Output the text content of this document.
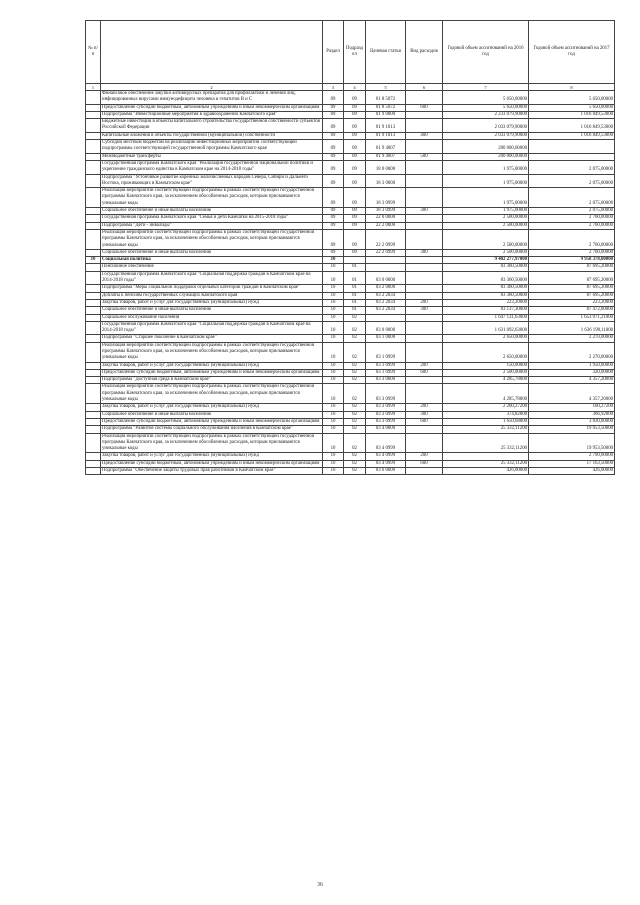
№ п/п		Раздел	Подраздел	Целевая статья	Вид расходов	Годовой объем ассигнований на 2016 год	Годовой объем ассигнований на 2017 год
1	2	3	4	5	6	7	8
	Финансовое обеспечение закупки антивирусных препаратов для профилактики и лечения лиц, инфицированных вирусами иммунодефицита человека и гепатитов В и С	09	09	01 8 5072		5 650,00000	5 650,00000
	Предоставление субсидий бюджетным, автономным учреждениям и иным некоммерческим организациям	09	09	01 8 5072	600	5 650,00000	5 650,00000
	Подпрограмма "Инвестиционные мероприятия в здравоохранении Камчатского края"	09	09	01 9 0000		2 233 079,90000	1 016 849,53000
	Бюджетные инвестиции в объекты капитального строительства государственной собственности субъектов Российской Федерации	09	09	01 9 1013		2 033 079,90000	1 016 849,53000
	Капитальные вложения в объекты государственной (муниципальной) собственности	09	09	01 9 1013	400	2 033 079,90000	1 016 849,53000
	Субсидии местным бюджетам на реализацию инвестиционных мероприятий соответствующей подпрограммы соответствующей государственной программы Камчатского края	09	09	01 9 4007		200 000,00000	
	Межбюджетные трансферты	09	09	01 9 4007	500	200 000,00000	
	Государственная программа Камчатского края "Реализация государственной национальной политики и укрепление гражданского единства в Камчатском крае на 2014-2018 годы"	09	09	18 0 0000		1 975,00000	2 075,00000
	Подпрограмма "Устойчивое развитие коренных малочисленных народов Севера, Сибири и Дальнего Востока, проживающих в Камчатском крае"	09	09	18 3 0000		1 975,00000	2 075,00000
	Реализация мероприятий соответствующей подпрограммы в рамках соответствующей государственной программы Камчатского края, за исключением обособленных расходов, которым присваиваются уникальные коды	09	09	18 3 0999		1 975,00000	2 075,00000
	Социальное обеспечение и иные выплаты населению	09	09	18 3 0999	300	1 975,00000	2 075,00000
	Государственная программа Камчатского края "Семья и дети Камчатки на 2015-2018 годы"	09	09	22 0 0000		2 500,00000	2 760,00000
	Подпрограмма "Дети - инвалиды"	09	09	22 2 0000		2 500,00000	2 760,00000
	Реализация мероприятий соответствующей подпрограммы в рамках соответствующей государственной программы Камчатского края, за исключением обособленных расходов, которым присваиваются уникальные коды	09	09	22 2 0999		2 500,00000	2 760,00000
	Социальное обеспечение и иные выплаты населению	09	09	22 2 0999	300	2 500,00000	2 760,00000
10	Социальная политика	10				9 402 277,97000	9 958 378,00000
	Пенсионное обеспечение	10	01			83 360,50000	87 695,20000
	Государственная программа Камчатского края "Социальная поддержка граждан в Камчатском крае на 2014-2018 годы"	10	01	03 0 0000		83 360,50000	87 695,20000
	Подпрограмма "Меры социальной поддержки отдельных категорий граждан в Камчатском крае"	10	01	03 2 0000		83 360,50000	87 695,20000
	Доплаты к пенсиям государственных служащих Камчатского края	10	01	03 2 2034		83 360,50000	87 695,20000
	Закупка товаров, работ и услуг для государственных (муниципальных) нужд	10	01	03 2 2034	200	223,20000	223,20000
	Социальное обеспечение и иные выплаты населению	10	01	03 2 2034	300	83 137,30000	87 472,00000
	Социальное обслуживание населения	10	02			1 647 131,63000	1 653 071,21000
	Государственная программа Камчатского края "Социальная поддержка граждан в Камчатском крае на 2014-2018 годы"	10	02	03 0 0000		1 631 092,63000	1 636 198,11000
	Подпрограмма "Старшее поколение в Камчатском крае"	10	02	03 1 0000		2 650,00000	2 270,00000
	Реализация мероприятий соответствующей подпрограммы в рамках соответствующей государственной программы Камчатского края, за исключением обособленных расходов, которым присваиваются уникальные коды	10	02	03 1 0999		2 650,00000	2 270,00000
	Закупка товаров, работ и услуг для государственных (муниципальных) нужд	10	02	03 1 0999	200	150,00000	1 950,00000
	Предоставление субсидий бюджетным, автономным учреждениям и иным некоммерческим организациям	10	02	03 1 0999	600	2 500,00000	320,00000
	Подпрограмма "Доступная среда в Камчатском крае"	10	02	03 3 0000		4 285,78800	4 357,20000
	Реализация мероприятий соответствующей подпрограммы в рамках соответствующей государственной программы Камчатского края, за исключением обособленных расходов, которым присваиваются уникальные коды	10	02	03 3 0999		4 285,78800	4 357,20000
	Закупка товаров, работ и услуг для государственных (муниципальных) нужд	10	02	03 3 0999	200	2 260,27200	160,27200
	Социальное обеспечение и иные выплаты населению	10	02	03 3 0999	300	374,82800	366,92800
	Предоставление субсидий бюджетным, автономным учреждениям и иным некоммерческим организациям	10	02	03 3 0999	600	1 650,68800	3 830,00000
	Подпрограмма "Развитие системы социального обслуживания населения в Камчатском крае"	10	02	03 4 0000		25 332,11200	19 953,50000
	Реализация мероприятий соответствующей подпрограммы в рамках соответствующей государственной программы Камчатского края, за исключением обособленных расходов, которым присваиваются уникальные коды	10	02	03 4 0999		25 332,11200	19 953,50000
	Закупка товаров, работ и услуг для государственных (муниципальных) нужд	10	02	03 4 0999	200		2 790,00000
	Предоставление субсидий бюджетным, автономным учреждениям и иным некоммерческим организациям	10	02	03 4 0999	600	25 332,11200	17 163,50000
	Подпрограмма "Обеспечение защиты трудовых прав работников в Камчатском крае"	10	02	03 6 0000		426,00000	426,00000
36
